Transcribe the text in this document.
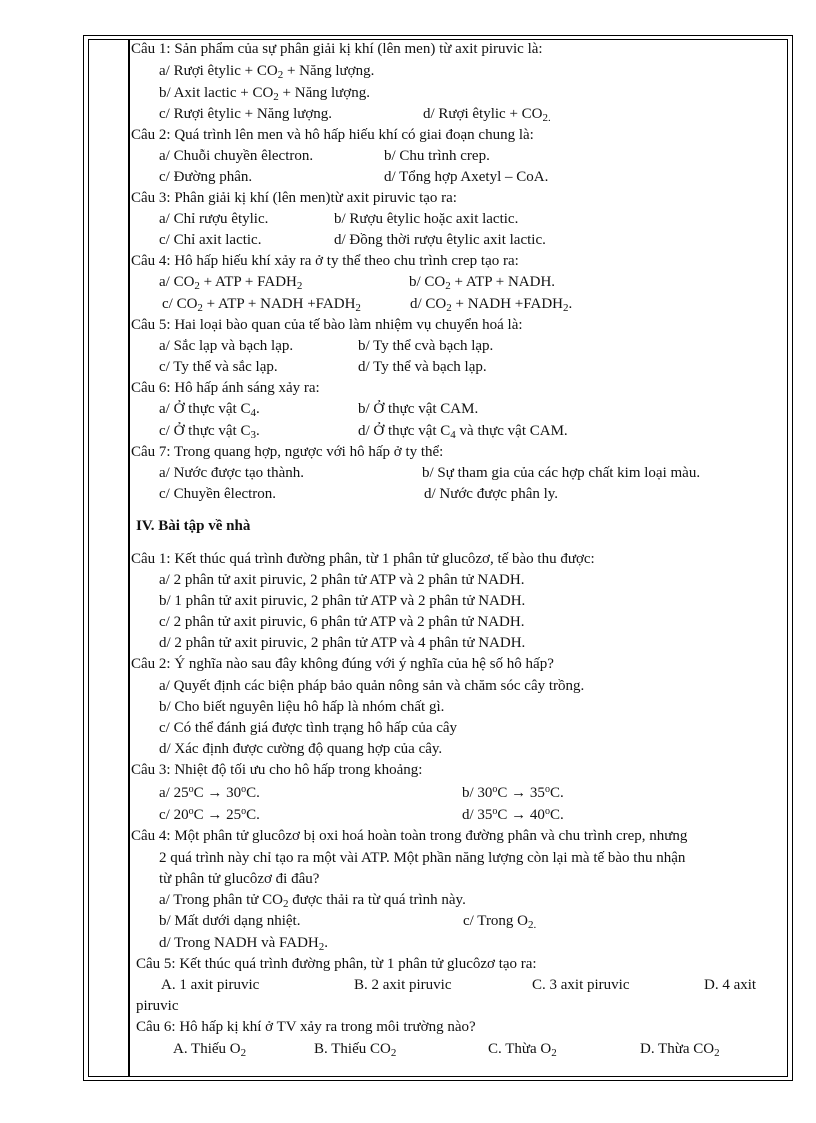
Câu 1: Sản phẩm của sự phân giải kị khí (lên men) từ axit piruvic là:
a/ Rượi êtylic + $CO_2$ + Năng lượng.
b/ Axit lactic + $CO_2$ + Năng lượng.
c/ Rượi êtylic + Năng lượng.	d/ Rượi êtylic + $CO_{2.}$
Câu 2: Quá trình lên men và hô hấp hiếu khí có giai đoạn chung là:
a/ Chuỗi chuyền êlectron.	b/ Chu trình crep.
c/ Đường phân.	d/ Tổng hợp Axetyl – CoA.
Câu 3: Phân giải kị khí (lên men)từ axit piruvic tạo ra:
a/ Chỉ rượu êtylic.	b/ Rượu êtylic hoặc axit lactic.
c/ Chỉ axit lactic.	d/ Đồng thời rượu êtylic axit lactic.
Câu 4: Hô hấp hiếu khí xảy ra ở ty thể theo chu trình crep tạo ra:
a/ $CO_2$ + ATP + $FADH_2$	b/ $CO_2$ + ATP + NADH.
c/ $CO_2$ + ATP + NADH $+FADH_2$	d/ $CO_2$ + NADH $+FADH_2$.
Câu 5: Hai loại bào quan của tế bào làm nhiệm vụ chuyển hoá là:
a/ Sắc lạp và bạch lạp.	b/ Ty thể cvà bạch lạp.
c/ Ty thể và sắc lạp.	d/ Ty thể và bạch lạp.
Câu 6: Hô hấp ánh sáng xảy ra:
a/ Ở thực vật $C_4$.	b/ Ở thực vật CAM.
c/ Ở thực vật $C_3$.	d/ Ở thực vật $C_4$ và thực vật CAM.
Câu 7: Trong quang hợp, ngược với hô hấp ở ty thể:
a/ Nước được tạo thành.	b/ Sự tham gia của các hợp chất kim loại màu.
c/ Chuyền êlectron.	d/ Nước được phân ly.
IV. Bài tập về nhà
Câu 1: Kết thúc quá trình đường phân, từ 1 phân tử glucôzơ, tế bào thu được:
a/ 2 phân tử axit piruvic, 2 phân tử ATP và 2 phân tử NADH.
b/ 1 phân tử axit piruvic, 2 phân tử ATP và 2 phân tử NADH.
c/ 2 phân tử axit piruvic, 6 phân tử ATP và 2 phân tử NADH.
d/ 2 phân tử axit piruvic, 2 phân tử ATP và 4 phân tử NADH.
Câu 2: Ý nghĩa nào sau đây không đúng với ý nghĩa của hệ số hô hấp?
a/ Quyết định các biện pháp bảo quản nông sản và chăm sóc cây trồng.
b/ Cho biết nguyên liệu hô hấp là nhóm chất gì.
c/ Có thể đánh giá được tình trạng hô hấp của cây
d/ Xác định được cường độ quang hợp của cây.
Câu 3: Nhiệt độ tối ưu cho hô hấp trong khoảng:
a/ $25^oC \to 30^oC$.	b/ $30^oC \to 35^oC$.
c/ $20^oC \to 25^oC$.	d/ $35^oC \to 40^oC$.
Câu 4: Một phân tử glucôzơ bị oxi hoá hoàn toàn trong đường phân và chu trình crep, nhưng
2 quá trình này chỉ tạo ra một vài ATP. Một phần năng lượng còn lại mà tế bào thu nhận
từ phân tử glucôzơ đi đâu?
a/ Trong phân tử $CO_2$ được thải ra từ quá trình này.
b/ Mất dưới dạng nhiệt.	c/ Trong $O_{2.}$
d/ Trong NADH và $FADH_2$.
Câu 5: Kết thúc quá trình đường phân, từ 1 phân tử glucôzơ tạo ra:
A. 1 axit piruvic	B. 2 axit piruvic	C. 3 axit piruvic	D. 4 axit
piruvic
Câu 6: Hô hấp kị khí ở TV xảy ra trong môi trường nào?
A. Thiếu $O_2$	B. Thiếu $CO_2$	C. Thừa $O_2$	D. Thừa $CO_2$
